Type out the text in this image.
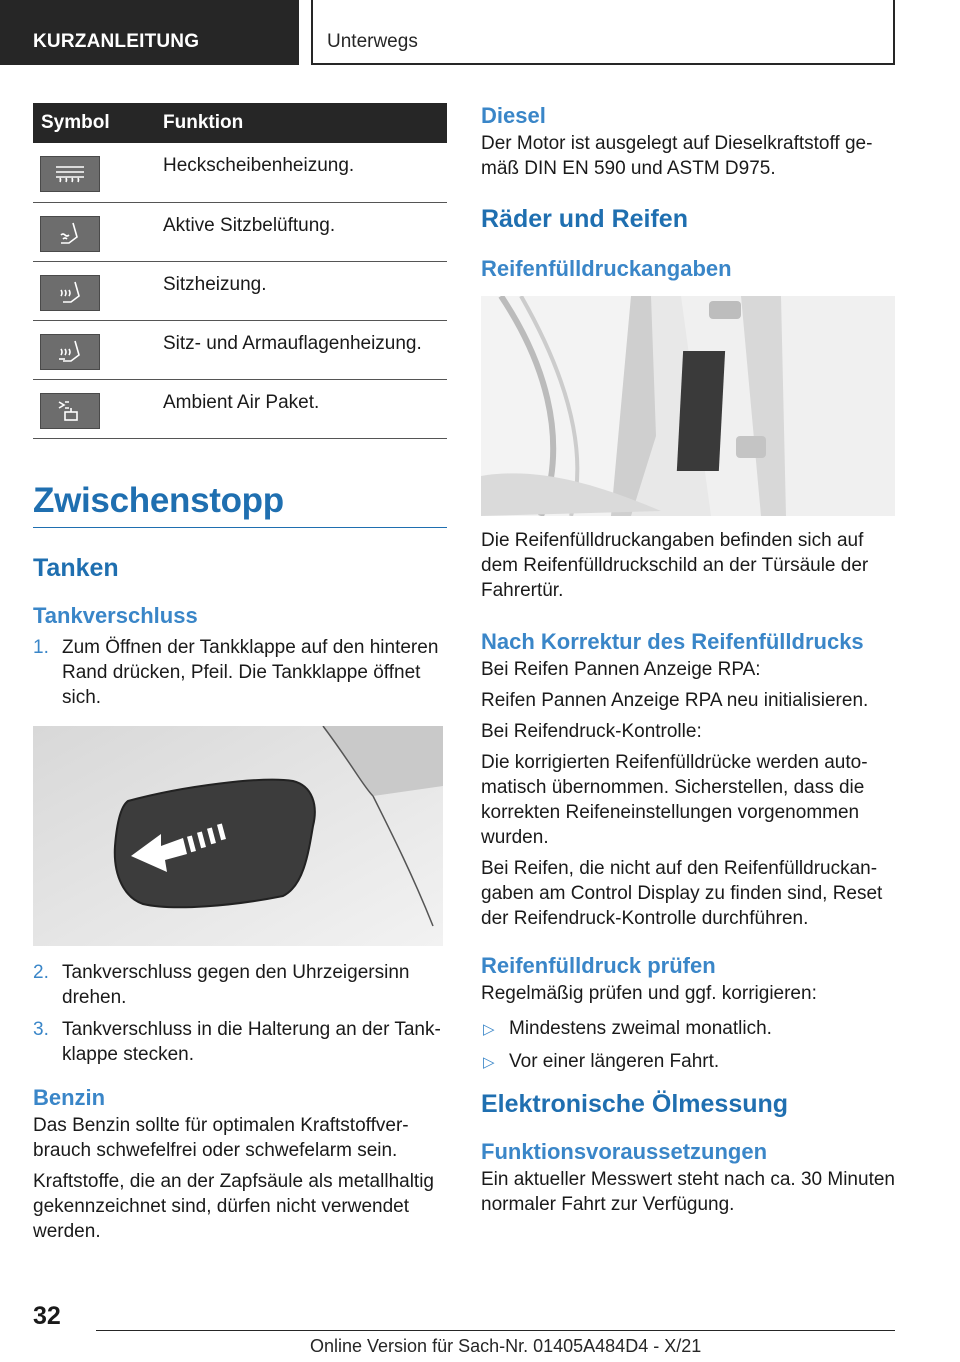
KURZANLEITUNG	Unterwegs
Symbol	Funktion

	Heckscheibenheizung.

	Aktive Sitzbelüftung.

	Sitzheizung.

	Sitz- und Armauflagenheizung.

	Ambient Air Paket.
Zwischenstopp
Tanken
Tankverschluss
1. Zum Öffnen der Tankklappe auf den hinteren Rand drücken, Pfeil. Die Tankklappe öffnet sich.
2. Tankverschluss gegen den Uhrzeigersinn drehen.
3. Tankverschluss in die Halterung an der Tankklappe stecken.
Benzin
Das Benzin sollte für optimalen Kraftstoffverbrauch schwefelfrei oder schwefelarm sein.
Kraftstoffe, die an der Zapfsäule als metallhaltig gekennzeichnet sind, dürfen nicht verwendet werden.
Diesel
Der Motor ist ausgelegt auf Dieselkraftstoff gemäß DIN EN 590 und ASTM D975.
Räder und Reifen
Reifenfülldruckangaben
Die Reifenfülldruckangaben befinden sich auf dem Reifenfülldruckschild an der Türsäule der Fahrertür.
Nach Korrektur des Reifenfülldrucks
Bei Reifen Pannen Anzeige RPA:
Reifen Pannen Anzeige RPA neu initialisieren.
Bei Reifendruck-Kontrolle:
Die korrigierten Reifenfülldrücke werden automatisch übernommen. Sicherstellen, dass die korrekten Reifeneinstellungen vorgenommen wurden.
Bei Reifen, die nicht auf den Reifenfülldruckangaben am Control Display zu finden sind, Reset der Reifendruck-Kontrolle durchführen.
Reifenfülldruck prüfen
Regelmäßig prüfen und ggf. korrigieren:
▷ Mindestens zweimal monatlich.
▷ Vor einer längeren Fahrt.
Elektronische Ölmessung
Funktionsvoraussetzungen
Ein aktueller Messwert steht nach ca. 30 Minuten normaler Fahrt zur Verfügung.
32
Online Version für Sach-Nr. 01405A484D4 - X/21
